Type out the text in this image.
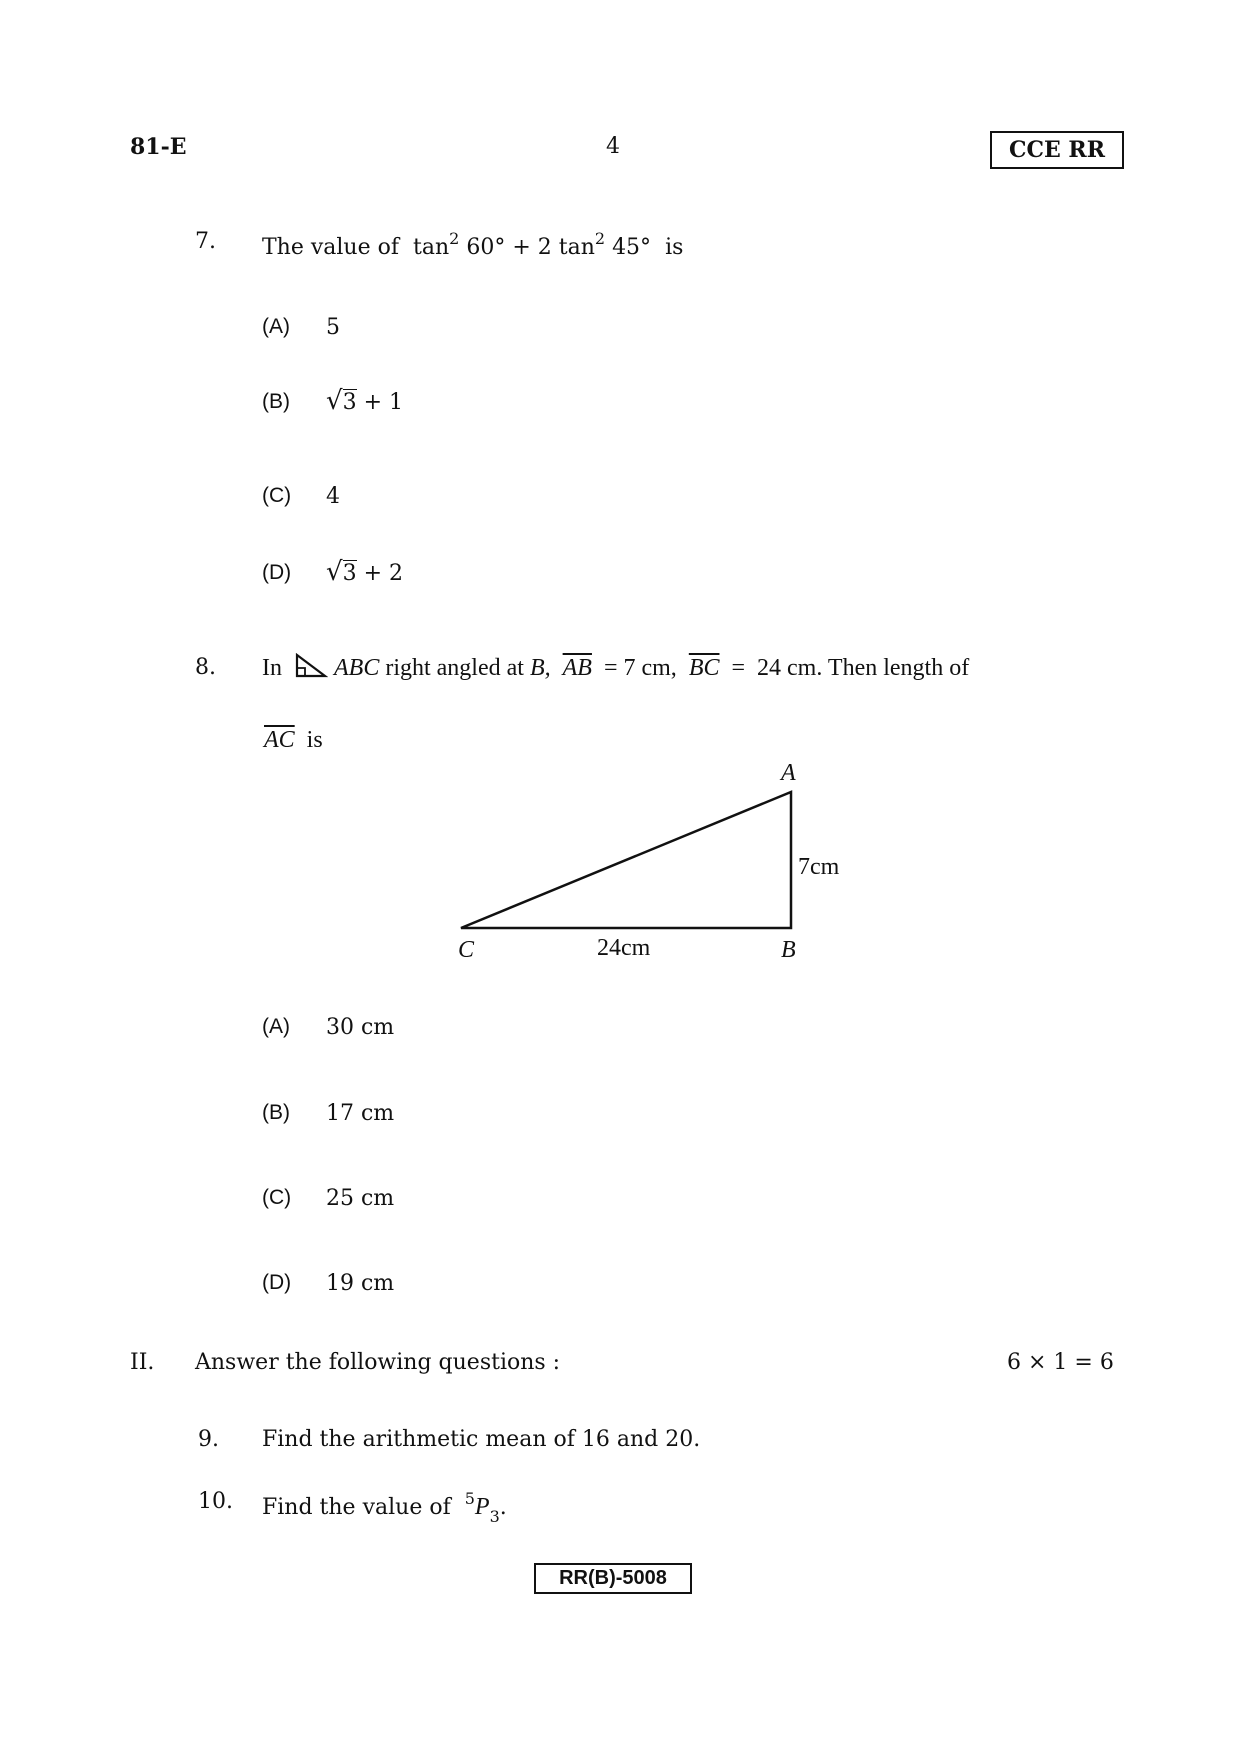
81-E	4	CCE RR
7. The value of $\tan^2 60^\circ + 2$ $\tan^2 45^\circ$ is
(A) 5
(B) √3 + 1
(C) 4
(D) √3 + 2
8. In ABC right angled at B, $\overline{AB} = 7$ cm, $\overline{BC} = 24$ cm. Then length of
$\overline{AC}$ is
A
B
C
7cm
24cm
(A) 30 cm
(B) 17 cm
(C) 25 cm
(D) 19 cm
II. Answer the following questions :	6 × 1 = 6
9. Find the arithmetic mean of 16 and 20.
10. Find the value of $^5P_3$.
RR(B)-5008
